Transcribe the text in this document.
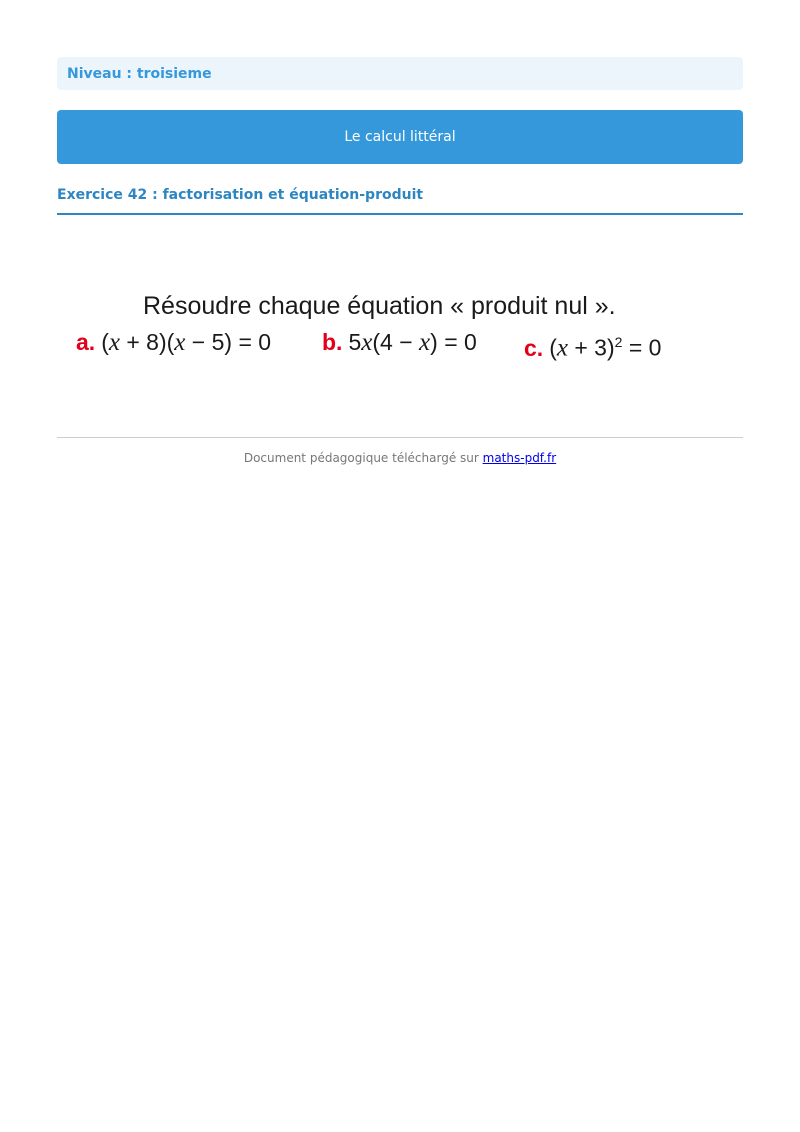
Niveau : troisieme
Le calcul littéral
Exercice 42 : factorisation et équation-produit
Résoudre chaque équation « produit nul ».
a. (x + 8)(x − 5) = 0 b. 5x(4 − x) = 0 c. $(x + 3)^2 = 0$
Document pédagogique téléchargé sur maths-pdf.fr
